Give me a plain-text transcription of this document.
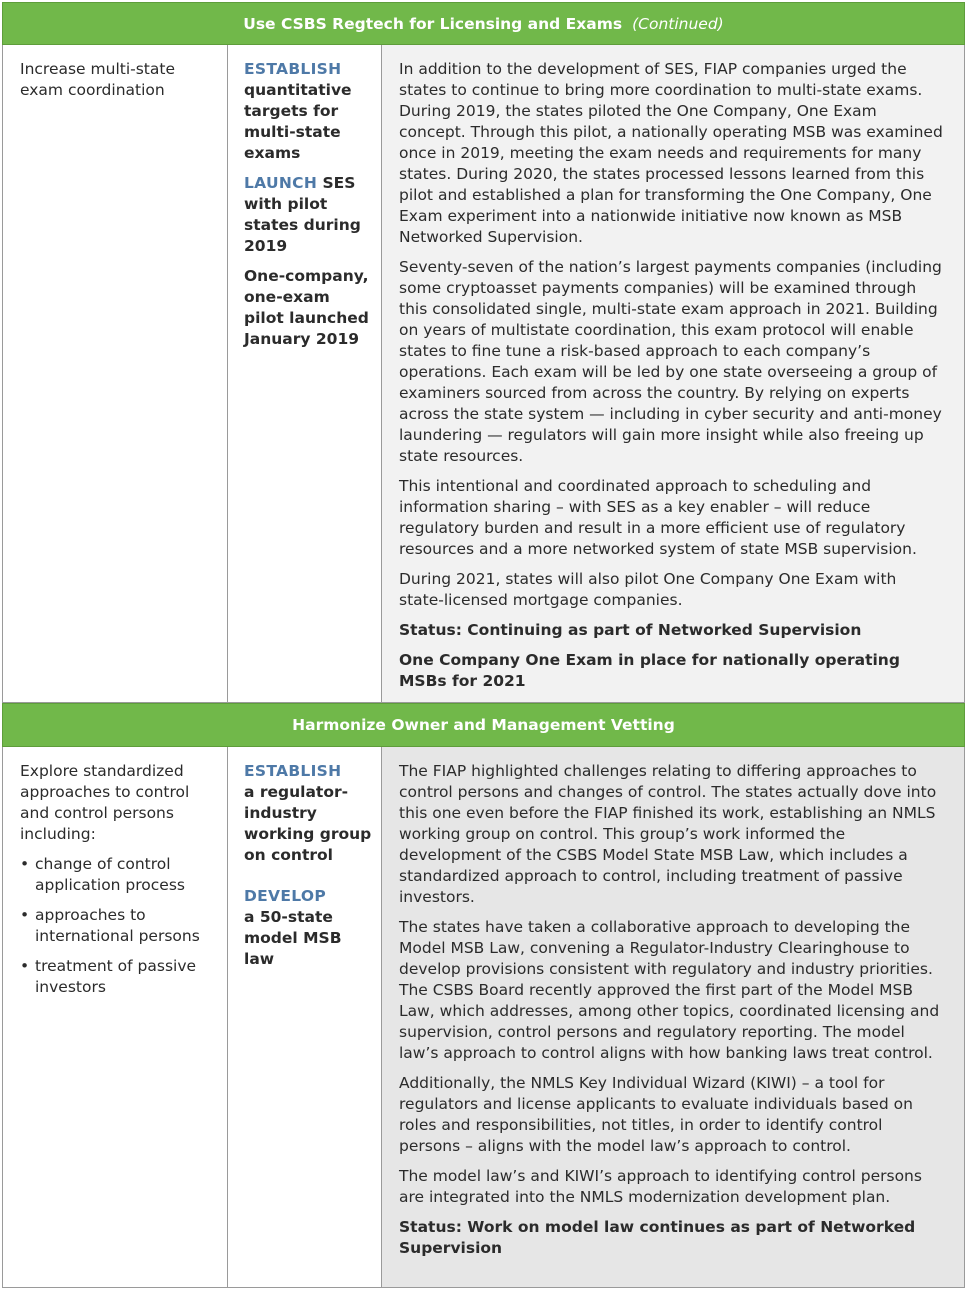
Use CSBS Regtech for Licensing and Exams (Continued)
Increase multi-state exam coordination
ESTABLISH
quantitative targets for multi-state exams
LAUNCH SES with pilot states during 2019
One-company, one-exam pilot launched January 2019

In addition to the development of SES, FIAP companies urged the states to continue to bring more coordination to multi-state exams. During 2019, the states piloted the One Company, One Exam concept. Through this pilot, a nationally operating MSB was examined once in 2019, meeting the exam needs and requirements for many states. During 2020, the states processed lessons learned from this pilot and established a plan for transforming the One Company, One Exam experiment into a nationwide initiative now known as MSB Networked Supervision.

Seventy-seven of the nation’s largest payments companies (including some cryptoasset payments companies) will be examined through this consolidated single, multi-state exam approach in 2021. Building on years of multistate coordination, this exam protocol will enable states to fine tune a risk-based approach to each company’s operations. Each exam will be led by one state overseeing a group of examiners sourced from across the country. By relying on experts across the state system — including in cyber security and anti-money laundering — regulators will gain more insight while also freeing up state resources.

This intentional and coordinated approach to scheduling and information sharing – with SES as a key enabler – will reduce regulatory burden and result in a more efficient use of regulatory resources and a more networked system of state MSB supervision.

During 2021, states will also pilot One Company One Exam with state-licensed mortgage companies.

Status: Continuing as part of Networked Supervision

One Company One Exam in place for nationally operating MSBs for 2021

Harmonize Owner and Management Vetting
Explore standardized approaches to control and control persons including:
• change of control application process
• approaches to international persons
• treatment of passive investors
ESTABLISH
a regulator-industry working group on control
DEVELOP
a 50-state model MSB law

The FIAP highlighted challenges relating to differing approaches to control persons and changes of control. The states actually dove into this one even before the FIAP finished its work, establishing an NMLS working group on control. This group’s work informed the development of the CSBS Model State MSB Law, which includes a standardized approach to control, including treatment of passive investors.

The states have taken a collaborative approach to developing the Model MSB Law, convening a Regulator-Industry Clearinghouse to develop provisions consistent with regulatory and industry priorities. The CSBS Board recently approved the first part of the Model MSB Law, which addresses, among other topics, coordinated licensing and supervision, control persons and regulatory reporting. The model law’s approach to control aligns with how banking laws treat control.

Additionally, the NMLS Key Individual Wizard (KIWI) – a tool for regulators and license applicants to evaluate individuals based on roles and responsibilities, not titles, in order to identify control persons – aligns with the model law’s approach to control.

The model law’s and KIWI’s approach to identifying control persons are integrated into the NMLS modernization development plan.

Status: Work on model law continues as part of Networked Supervision
